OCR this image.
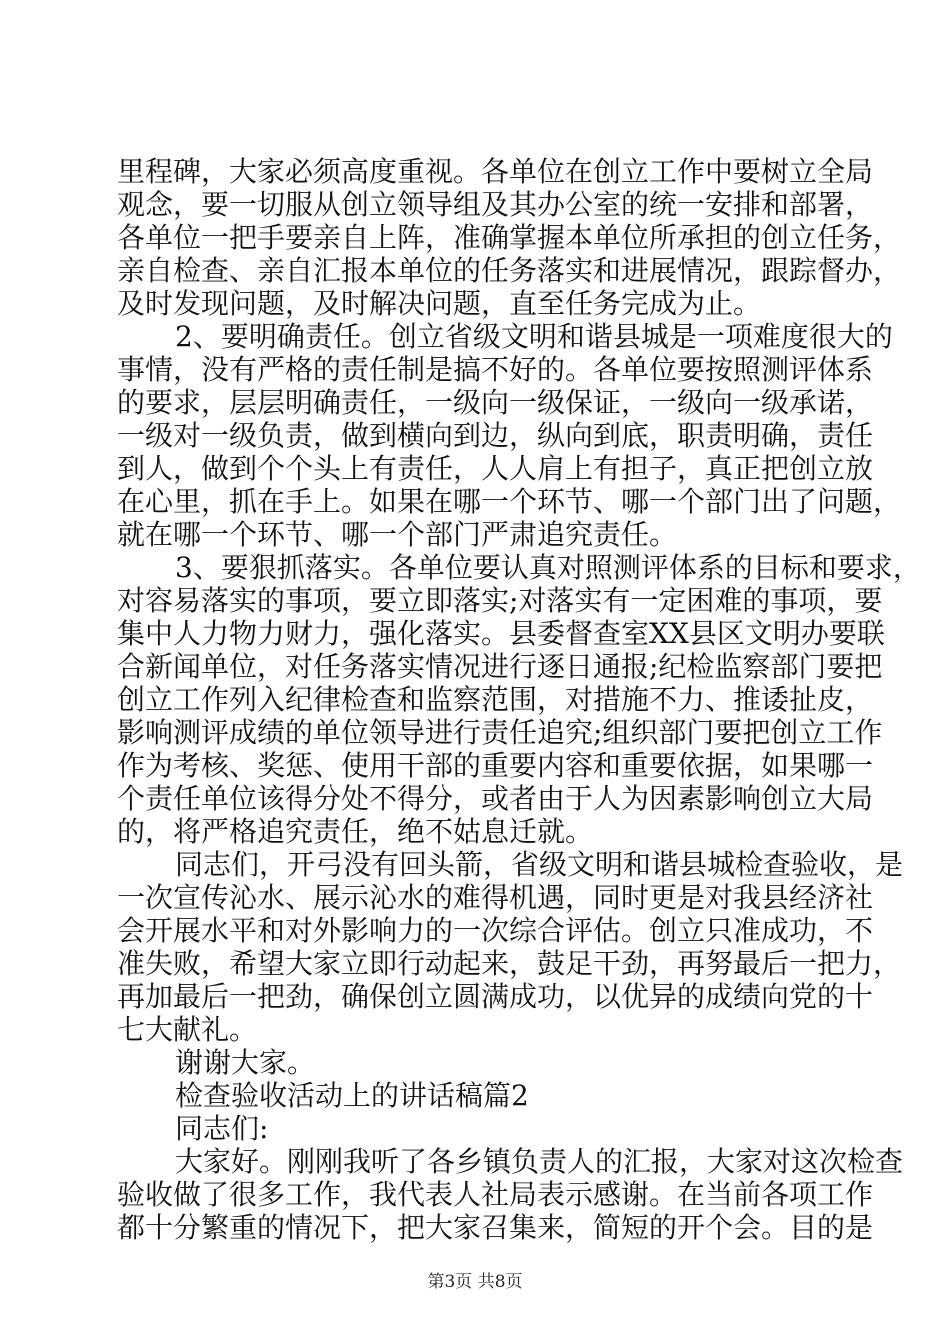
里程碑，大家必须高度重视。各单位在创立工作中要树立全局
观念，要一切服从创立领导组及其办公室的统一安排和部署，
各单位一把手要亲自上阵，准确掌握本单位所承担的创立任务，
亲自检查、亲自汇报本单位的任务落实和进展情况，跟踪督办，
及时发现问题，及时解决问题，直至任务完成为止。
2、要明确责任。创立省级文明和谐县城是一项难度很大的
事情，没有严格的责任制是搞不好的。各单位要按照测评体系
的要求，层层明确责任，一级向一级保证，一级向一级承诺，
一级对一级负责，做到横向到边，纵向到底，职责明确，责任
到人，做到个个头上有责任，人人肩上有担子，真正把创立放
在心里，抓在手上。如果在哪一个环节、哪一个部门出了问题，
就在哪一个环节、哪一个部门严肃追究责任。
3、要狠抓落实。各单位要认真对照测评体系的目标和要求，
对容易落实的事项，要立即落实;对落实有一定困难的事项，要
集中人力物力财力，强化落实。县委督查室XX县区文明办要联
合新闻单位，对任务落实情况进行逐日通报;纪检监察部门要把
创立工作列入纪律检查和监察范围，对措施不力、推诿扯皮，
影响测评成绩的单位领导进行责任追究;组织部门要把创立工作
作为考核、奖惩、使用干部的重要内容和重要依据，如果哪一
个责任单位该得分处不得分，或者由于人为因素影响创立大局
的，将严格追究责任，绝不姑息迁就。
同志们，开弓没有回头箭，省级文明和谐县城检查验收，是
一次宣传沁水、展示沁水的难得机遇，同时更是对我县经济社
会开展水平和对外影响力的一次综合评估。创立只准成功，不
准失败，希望大家立即行动起来，鼓足干劲，再努最后一把力，
再加最后一把劲，确保创立圆满成功，以优异的成绩向党的十
七大献礼。
谢谢大家。
检查验收活动上的讲话稿篇2
同志们:
大家好。刚刚我听了各乡镇负责人的汇报，大家对这次检查
验收做了很多工作，我代表人社局表示感谢。在当前各项工作
都十分繁重的情况下，把大家召集来，简短的开个会。目的是
第3页 共8页
